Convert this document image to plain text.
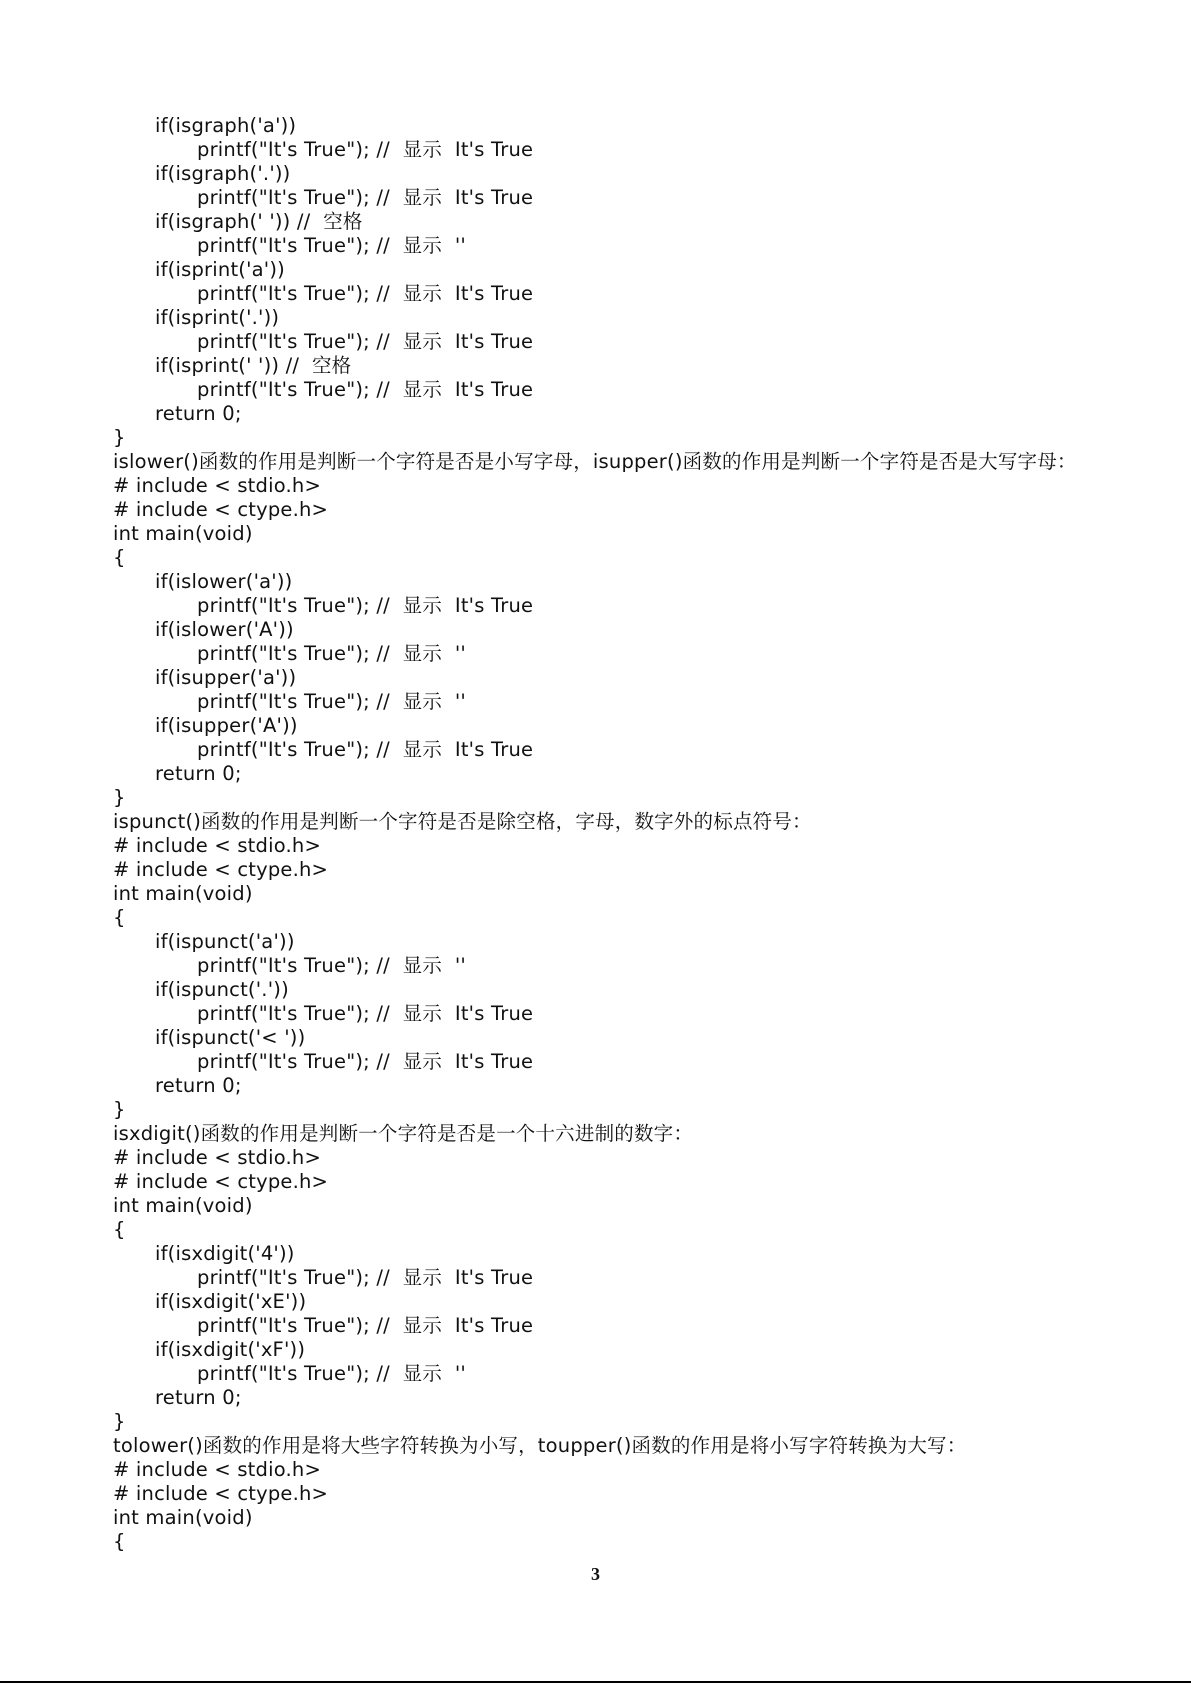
if(isgraph('a'))
printf("It's True"); //  显示  It's True
if(isgraph('.'))
printf("It's True"); //  显示  It's True
if(isgraph(' ')) //  空格
printf("It's True"); //  显示  ''
if(isprint('a'))
printf("It's True"); //  显示  It's True
if(isprint('.'))
printf("It's True"); //  显示  It's True
if(isprint(' ')) //  空格
printf("It's True"); //  显示  It's True
return 0;
}
islower()函数的作用是判断一个字符是否是小写字母，isupper()函数的作用是判断一个字符是否是大写字母：
# include < stdio.h>
# include < ctype.h>
int main(void)
{
if(islower('a'))
printf("It's True"); //  显示  It's True
if(islower('A'))
printf("It's True"); //  显示  ''
if(isupper('a'))
printf("It's True"); //  显示  ''
if(isupper('A'))
printf("It's True"); //  显示  It's True
return 0;
}
ispunct()函数的作用是判断一个字符是否是除空格，字母，数字外的标点符号：
# include < stdio.h>
# include < ctype.h>
int main(void)
{
if(ispunct('a'))
printf("It's True"); //  显示  ''
if(ispunct('.'))
printf("It's True"); //  显示  It's True
if(ispunct('< '))
printf("It's True"); //  显示  It's True
return 0;
}
isxdigit()函数的作用是判断一个字符是否是一个十六进制的数字：
# include < stdio.h>
# include < ctype.h>
int main(void)
{
if(isxdigit('4'))
printf("It's True"); //  显示  It's True
if(isxdigit('xE'))
printf("It's True"); //  显示  It's True
if(isxdigit('xF'))
printf("It's True"); //  显示  ''
return 0;
}
tolower()函数的作用是将大些字符转换为小写，toupper()函数的作用是将小写字符转换为大写：
# include < stdio.h>
# include < ctype.h>
int main(void)
{
3
